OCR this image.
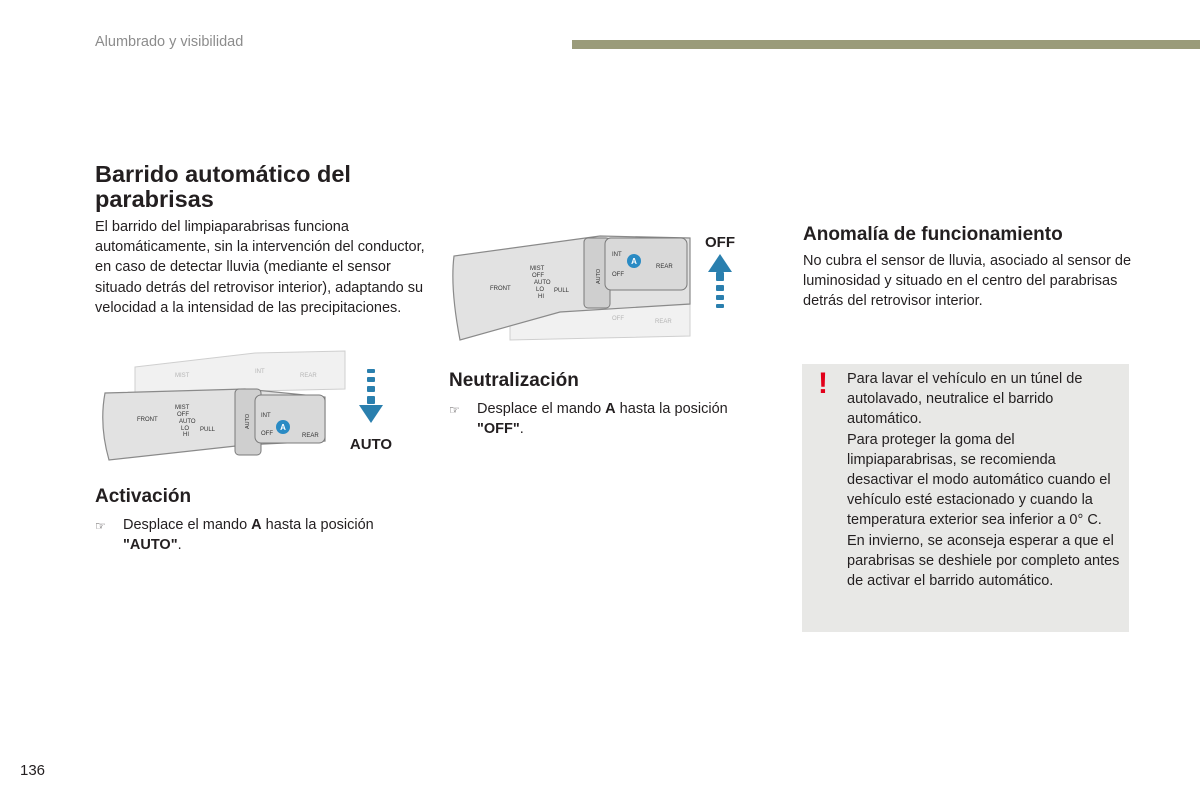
Alumbrado y visibilidad
Barrido automático del parabrisas
El barrido del limpiaparabrisas funciona automáticamente, sin la intervención del conductor, en caso de detectar lluvia (mediante el sensor situado detrás del retrovisor interior), adaptando su velocidad a la intensidad de las precipitaciones.
MIST
INT
REAR
MIST
OFF
AUTO
LO
HI
FRONT
PULL
AUTO INT
OFF	REAR
A
AUTO
Activación
☞	Desplace el mando A hasta la posición "AUTO".
OFF	REAR
MIST
OFF
AUTO
LO
HI
FRONT	PULL
AUTO
INT
OFF
REAR
A
OFF
Neutralización
☞	Desplace el mando A hasta la posición "OFF".
Anomalía de funcionamiento
No cubra el sensor de lluvia, asociado al sensor de luminosidad y situado en el centro del parabrisas detrás del retrovisor interior.
! Para lavar el vehículo en un túnel de autolavado, neutralice el barrido automático.

Para proteger la goma del limpiaparabrisas, se recomienda desactivar el modo automático cuando el vehículo esté estacionado y cuando la temperatura exterior sea inferior a 0° C.

En invierno, se aconseja esperar a que el parabrisas se deshiele por completo antes de activar el barrido automático.

136
